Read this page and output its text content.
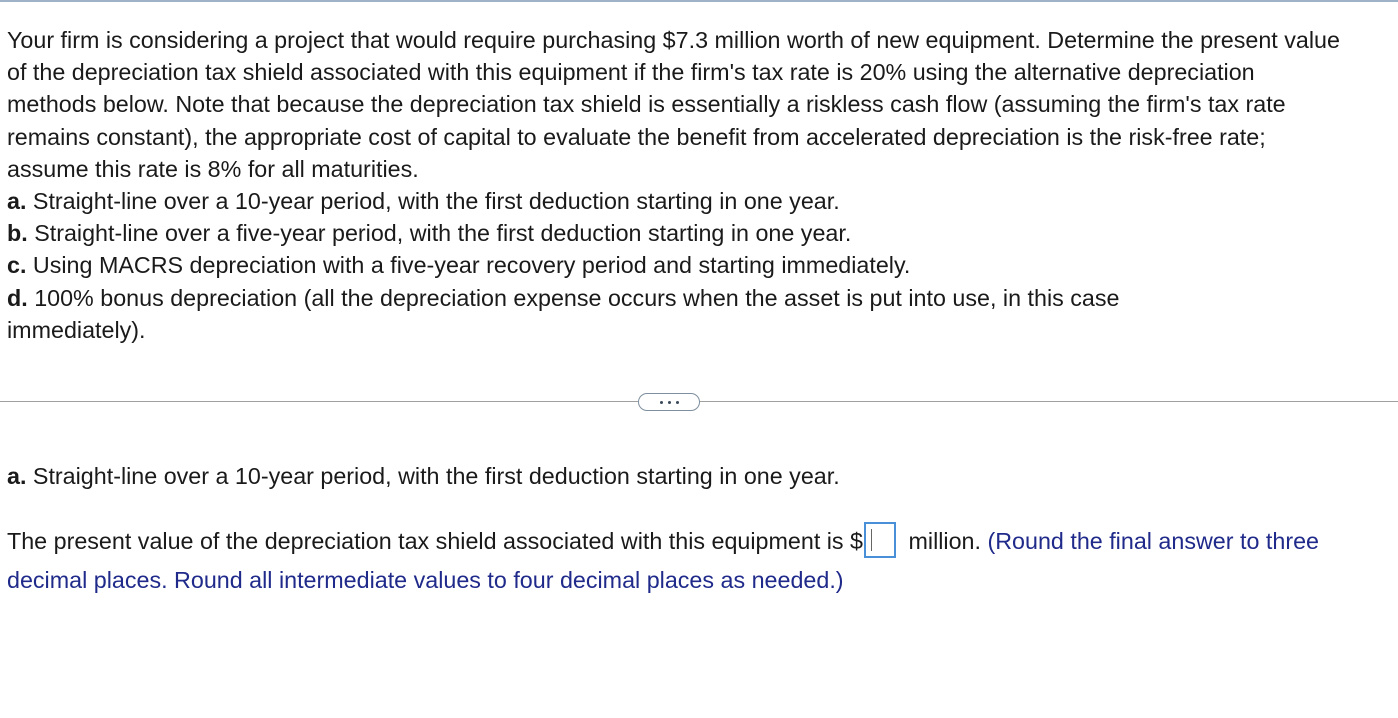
Your firm is considering a project that would require purchasing $7.3 million worth of new equipment. Determine the present value of the depreciation tax shield associated with this equipment if the firm's tax rate is 20% using the alternative depreciation methods below. Note that because the depreciation tax shield is essentially a riskless cash flow (assuming the firm's tax rate remains constant), the appropriate cost of capital to evaluate the benefit from accelerated depreciation is the risk-free rate; assume this rate is 8% for all maturities.

a. Straight-line over a 10-year period, with the first deduction starting in one year.

b. Straight-line over a five-year period, with the first deduction starting in one year.

c. Using MACRS depreciation with a five-year recovery period and starting immediately.

d. 100% bonus depreciation (all the depreciation expense occurs when the asset is put into use, in this case immediately).

a. Straight-line over a 10-year period, with the first deduction starting in one year.
The present value of the depreciation tax shield associated with this equipment is $
million. (Round the final answer to three decimal places. Round all intermediate values to four decimal places as needed.)
